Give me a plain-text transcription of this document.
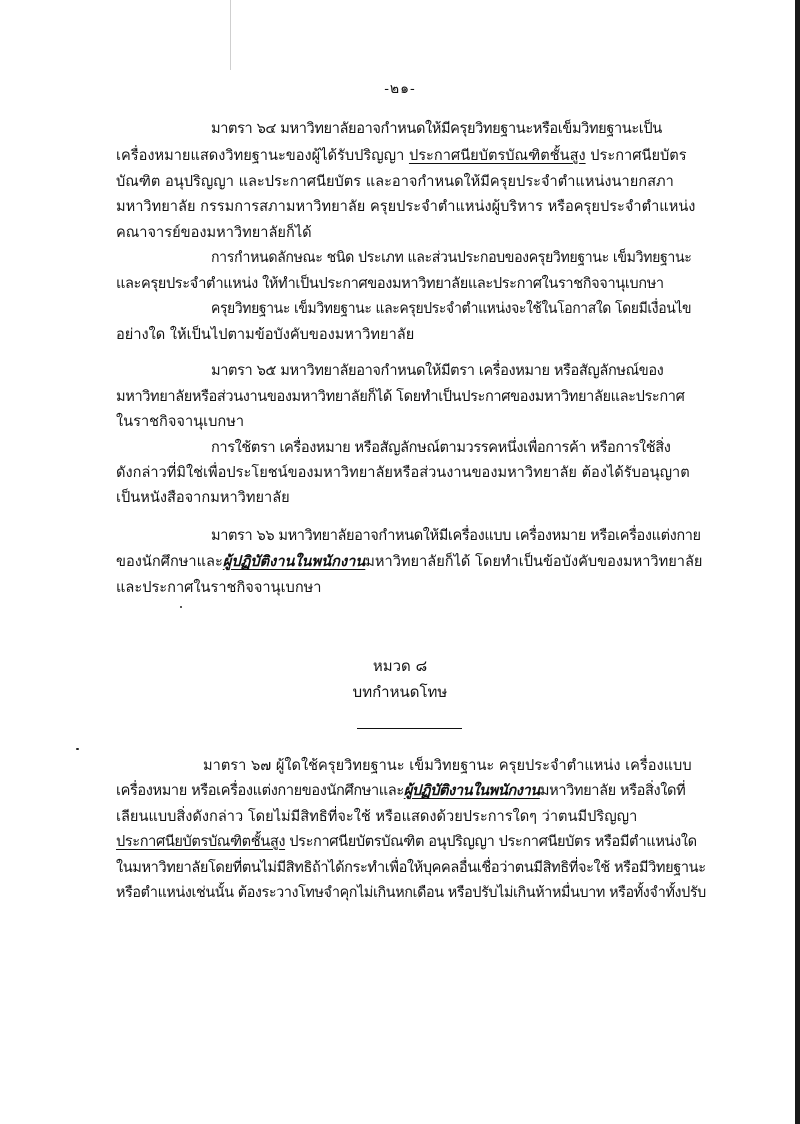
-๒๑-
มาตรา ๖๔ มหาวิทยาลัยอาจกำหนดให้มีครุยวิทยฐานะหรือเข็มวิทยฐานะเป็น
เครื่องหมายแสดงวิทยฐานะของผู้ได้รับปริญญา ประกาศนียบัตรบัณฑิตชั้นสูง ประกาศนียบัตร
บัณฑิต อนุปริญญา และประกาศนียบัตร และอาจกำหนดให้มีครุยประจำตำแหน่งนายกสภา
มหาวิทยาลัย กรรมการสภามหาวิทยาลัย ครุยประจำตำแหน่งผู้บริหาร หรือครุยประจำตำแหน่ง
คณาจารย์ของมหาวิทยาลัยก็ได้
การกำหนดลักษณะ ชนิด ประเภท และส่วนประกอบของครุยวิทยฐานะ เข็มวิทยฐานะ
และครุยประจำตำแหน่ง ให้ทำเป็นประกาศของมหาวิทยาลัยและประกาศในราชกิจจานุเบกษา
ครุยวิทยฐานะ เข็มวิทยฐานะ และครุยประจำตำแหน่งจะใช้ในโอกาสใด โดยมีเงื่อนไข
อย่างใด ให้เป็นไปตามข้อบังคับของมหาวิทยาลัย
มาตรา ๖๕ มหาวิทยาลัยอาจกำหนดให้มีตรา เครื่องหมาย หรือสัญลักษณ์ของ
มหาวิทยาลัยหรือส่วนงานของมหาวิทยาลัยก็ได้ โดยทำเป็นประกาศของมหาวิทยาลัยและประกาศ
ในราชกิจจานุเบกษา
การใช้ตรา เครื่องหมาย หรือสัญลักษณ์ตามวรรคหนึ่งเพื่อการค้า หรือการใช้สิ่ง
ดังกล่าวที่มิใช่เพื่อประโยชน์ของมหาวิทยาลัยหรือส่วนงานของมหาวิทยาลัย ต้องได้รับอนุญาต
เป็นหนังสือจากมหาวิทยาลัย
มาตรา ๖๖ มหาวิทยาลัยอาจกำหนดให้มีเครื่องแบบ เครื่องหมาย หรือเครื่องแต่งกาย
ของนักศึกษาและผู้ปฏิบัติงานในพนักงานมหาวิทยาลัยก็ได้ โดยทำเป็นข้อบังคับของมหาวิทยาลัย
และประกาศในราชกิจจานุเบกษา
หมวด ๘
บทกำหนดโทษ
มาตรา ๖๗ ผู้ใดใช้ครุยวิทยฐานะ เข็มวิทยฐานะ ครุยประจำตำแหน่ง เครื่องแบบ
เครื่องหมาย หรือเครื่องแต่งกายของนักศึกษาและผู้ปฏิบัติงานในพนักงานมหาวิทยาลัย หรือสิ่งใดที่
เลียนแบบสิ่งดังกล่าว โดยไม่มีสิทธิที่จะใช้ หรือแสดงด้วยประการใดๆ ว่าตนมีปริญญา
ประกาศนียบัตรบัณฑิตชั้นสูง ประกาศนียบัตรบัณฑิต อนุปริญญา ประกาศนียบัตร หรือมีตำแหน่งใด
ในมหาวิทยาลัยโดยที่ตนไม่มีสิทธิถ้าได้กระทำเพื่อให้บุคคลอื่นเชื่อว่าตนมีสิทธิที่จะใช้ หรือมีวิทยฐานะ
หรือตำแหน่งเช่นนั้น ต้องระวางโทษจำคุกไม่เกินหกเดือน หรือปรับไม่เกินห้าหมื่นบาท หรือทั้งจำทั้งปรับ
